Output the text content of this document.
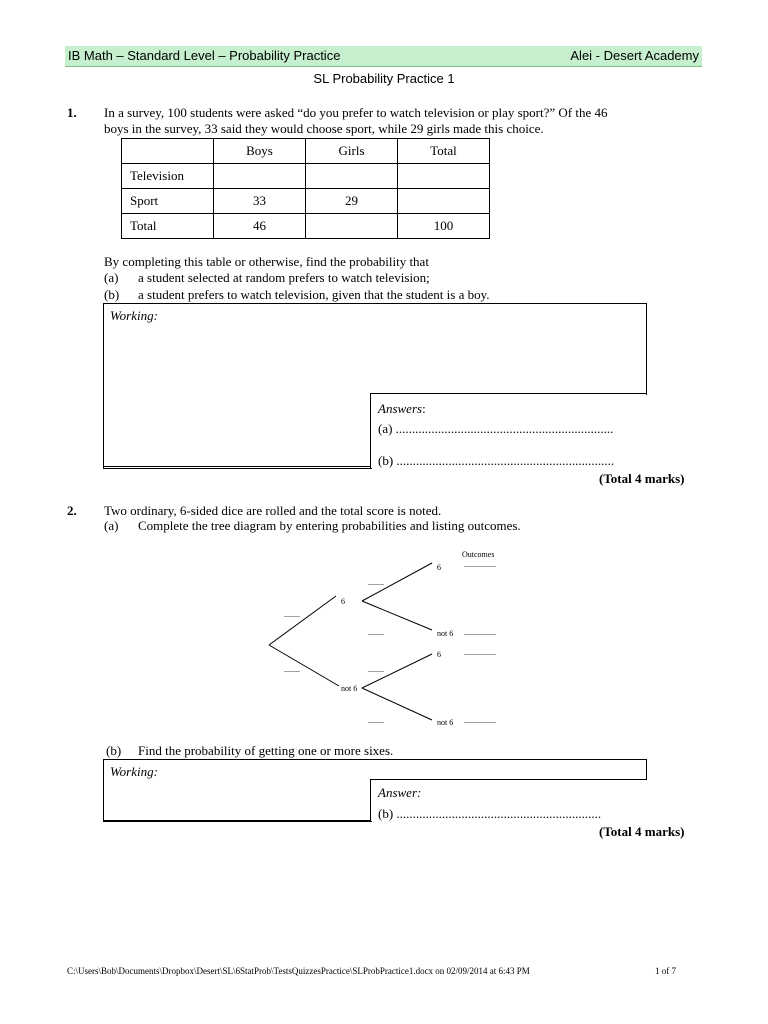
IB Math – Standard Level – Probability Practice	Alei - Desert Academy
SL Probability Practice 1
1. In a survey, 100 students were asked “do you prefer to watch television or play sport?” Of the 46
boys in the survey, 33 said they would choose sport, while 29 girls made this choice.
	Boys	Girls	Total
Television			
Sport	33	29	
Total	46		100
By completing this table or otherwise, find the probability that
(a) a student selected at random prefers to watch television;
(b) a student prefers to watch television, given that the student is a boy.
Working:
Answers:
(a) ...................................................................
(b) ...................................................................
(Total 4 marks)
2. Two ordinary, 6-sided dice are rolled and the total score is noted.
(a) Complete the tree diagram by entering probabilities and listing outcomes.
Outcomes
6
not 6
6
not 6
6
not 6
........
........
........
........
........
........
................
................
................
................
(b) Find the probability of getting one or more sixes.
Working:
Answer:
(b) ...............................................................
(Total 4 marks)
C:\Users\Bob\Documents\Dropbox\Desert\SL\6StatProb\TestsQuizzesPractice\SLProbPractice1.docx on 02/09/2014 at 6:43 PM	1 of 7
